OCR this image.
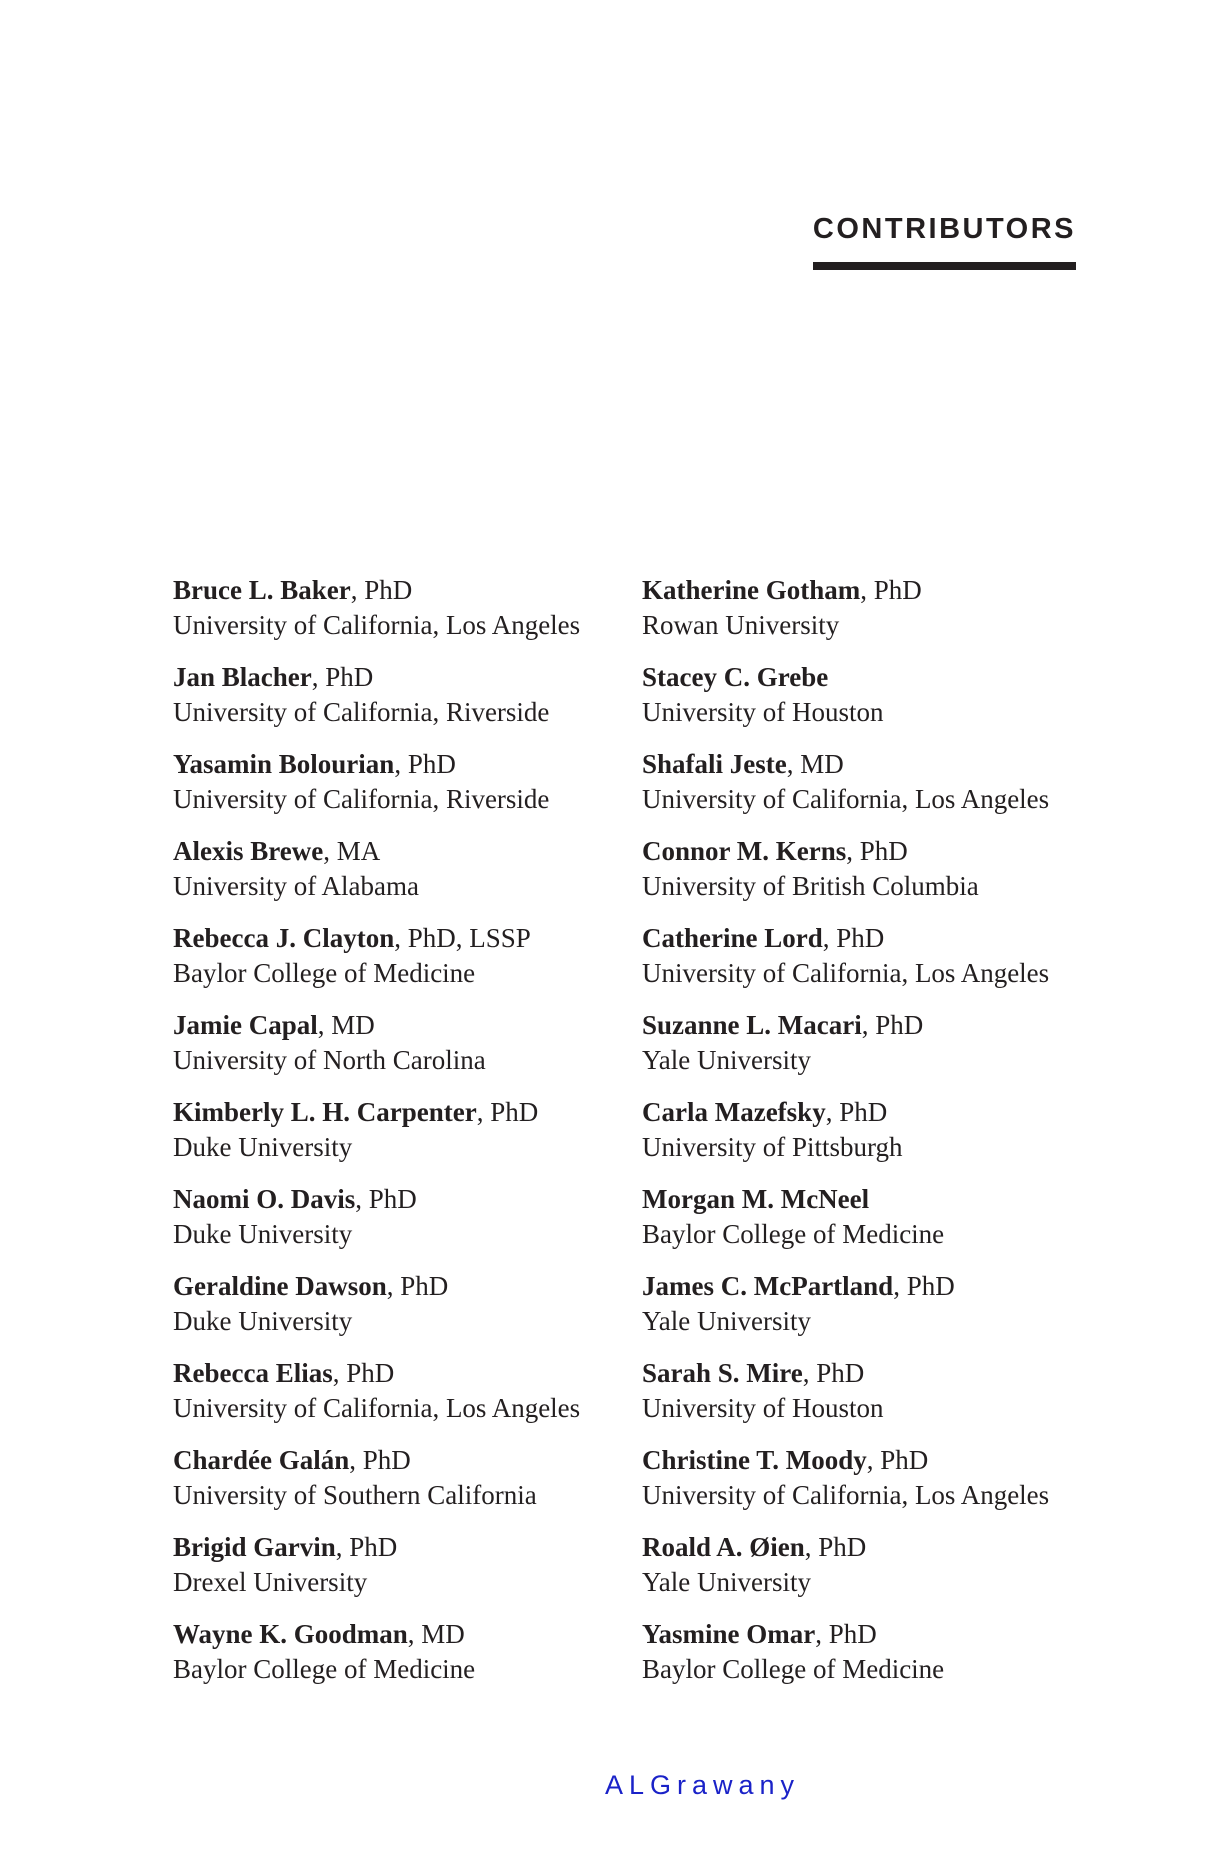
CONTRIBUTORS
Bruce L. Baker, PhD
University of California, Los Angeles
Jan Blacher, PhD
University of California, Riverside
Yasamin Bolourian, PhD
University of California, Riverside
Alexis Brewe, MA
University of Alabama
Rebecca J. Clayton, PhD, LSSP
Baylor College of Medicine
Jamie Capal, MD
University of North Carolina
Kimberly L. H. Carpenter, PhD
Duke University
Naomi O. Davis, PhD
Duke University
Geraldine Dawson, PhD
Duke University
Rebecca Elias, PhD
University of California, Los Angeles
Chardée Galán, PhD
University of Southern California
Brigid Garvin, PhD
Drexel University
Wayne K. Goodman, MD
Baylor College of Medicine
Katherine Gotham, PhD
Rowan University
Stacey C. Grebe
University of Houston
Shafali Jeste, MD
University of California, Los Angeles
Connor M. Kerns, PhD
University of British Columbia
Catherine Lord, PhD
University of California, Los Angeles
Suzanne L. Macari, PhD
Yale University
Carla Mazefsky, PhD
University of Pittsburgh
Morgan M. McNeel
Baylor College of Medicine
James C. McPartland, PhD
Yale University
Sarah S. Mire, PhD
University of Houston
Christine T. Moody, PhD
University of California, Los Angeles
Roald A. Øien, PhD
Yale University
Yasmine Omar, PhD
Baylor College of Medicine
ALGrawany
